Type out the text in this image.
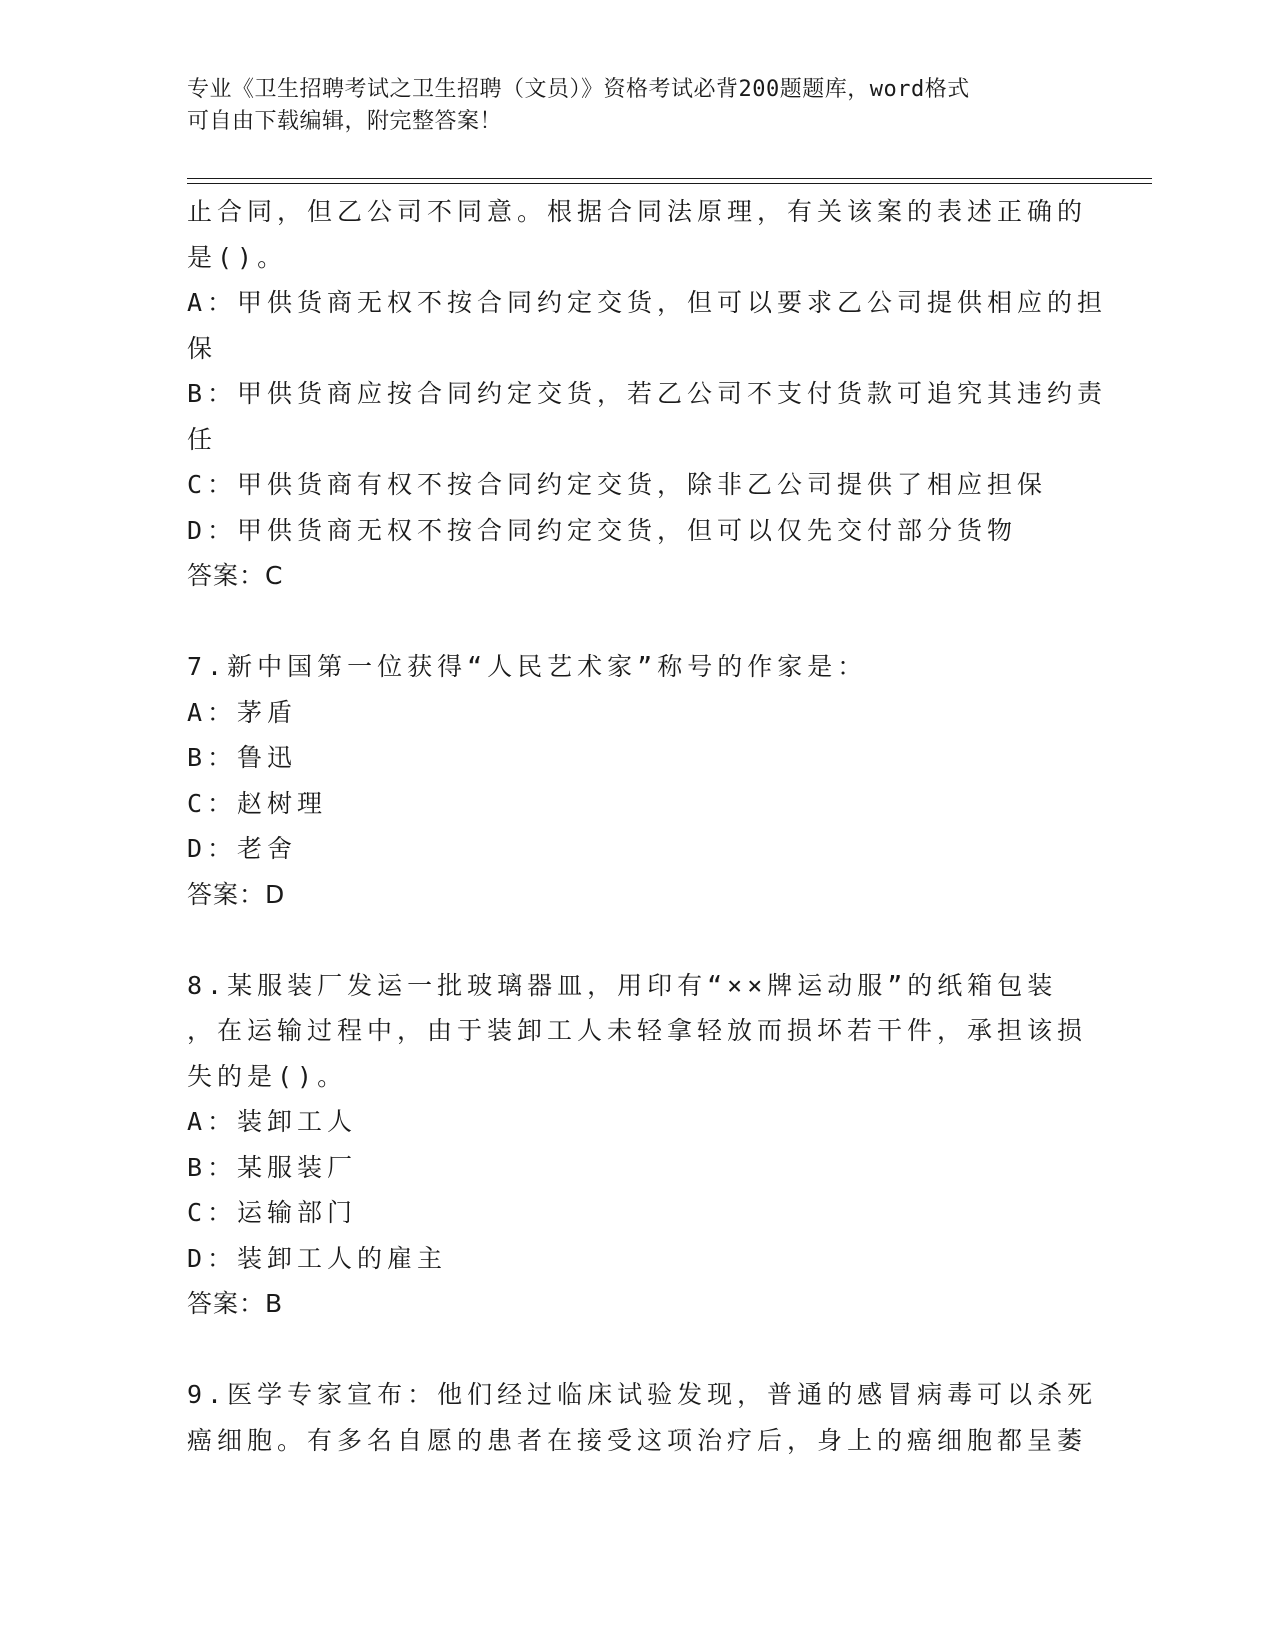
专业《卫生招聘考试之卫生招聘（文员）》资格考试必背200题题库，word格式
可自由下载编辑，附完整答案！
止合同，但乙公司不同意。根据合同法原理，有关该案的表述正确的
是()。
A：甲供货商无权不按合同约定交货，但可以要求乙公司提供相应的担
保
B：甲供货商应按合同约定交货，若乙公司不支付货款可追究其违约责
任
C：甲供货商有权不按合同约定交货，除非乙公司提供了相应担保
D：甲供货商无权不按合同约定交货，但可以仅先交付部分货物
答案：C
7.新中国第一位获得“人民艺术家”称号的作家是：
A：茅盾
B：鲁迅
C：赵树理
D：老舍
答案：D
8.某服装厂发运一批玻璃器皿，用印有“××牌运动服”的纸箱包装
，在运输过程中，由于装卸工人未轻拿轻放而损坏若干件，承担该损
失的是()。
A：装卸工人
B：某服装厂
C：运输部门
D：装卸工人的雇主
答案：B
9.医学专家宣布：他们经过临床试验发现，普通的感冒病毒可以杀死
癌细胞。有多名自愿的患者在接受这项治疗后，身上的癌细胞都呈萎
